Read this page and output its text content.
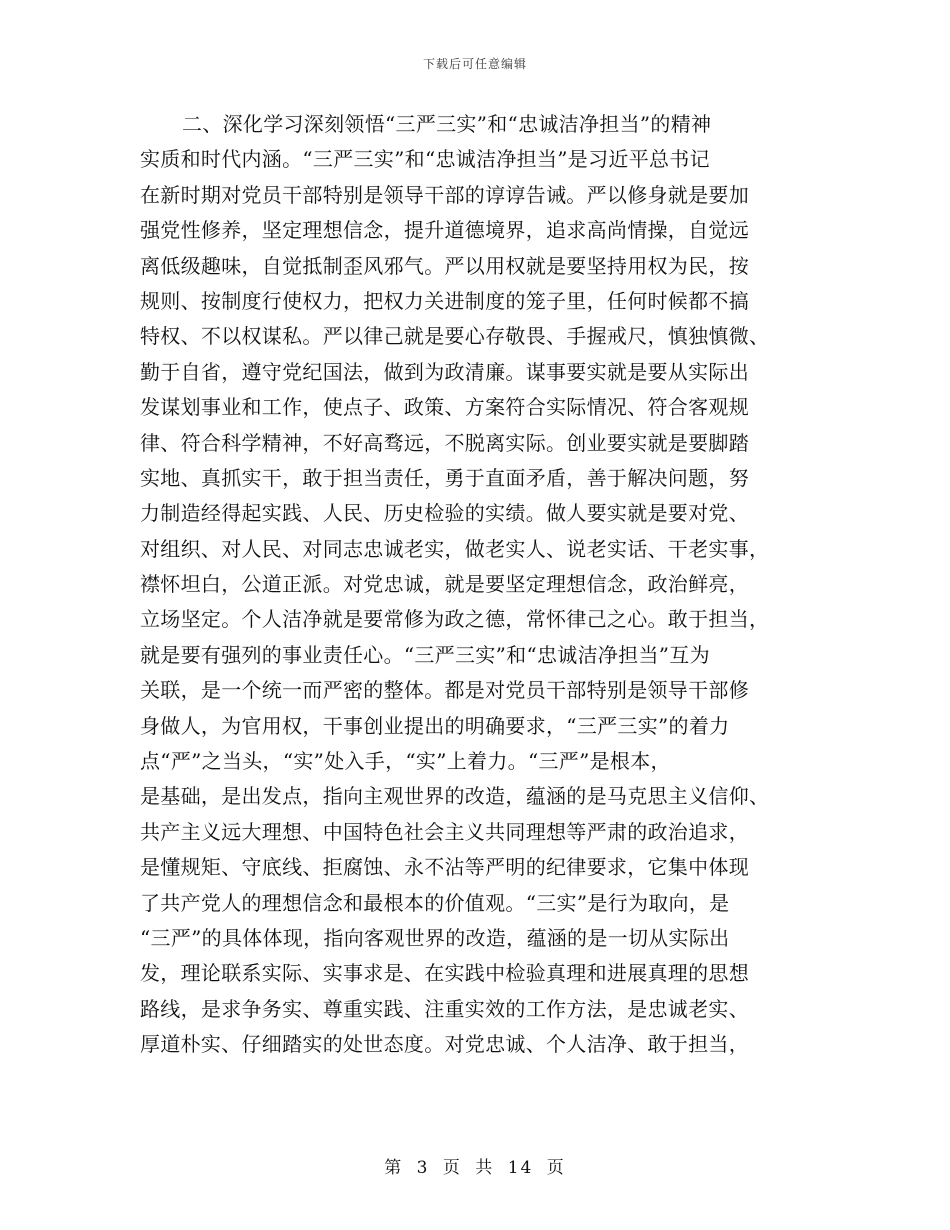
下载后可任意编辑
二、深化学习深刻领悟“三严三实”和“忠诚洁净担当”的精神
实质和时代内涵。“三严三实”和“忠诚洁净担当”是习近平总书记
在新时期对党员干部特别是领导干部的谆谆告诫。严以修身就是要加
强党性修养，坚定理想信念，提升道德境界，追求高尚情操，自觉远
离低级趣味，自觉抵制歪风邪气。严以用权就是要坚持用权为民，按
规则、按制度行使权力，把权力关进制度的笼子里，任何时候都不搞
特权、不以权谋私。严以律己就是要心存敬畏、手握戒尺，慎独慎微、
勤于自省，遵守党纪国法，做到为政清廉。谋事要实就是要从实际出
发谋划事业和工作，使点子、政策、方案符合实际情况、符合客观规
律、符合科学精神，不好高骛远，不脱离实际。创业要实就是要脚踏
实地、真抓实干，敢于担当责任，勇于直面矛盾，善于解决问题，努
力制造经得起实践、人民、历史检验的实绩。做人要实就是要对党、
对组织、对人民、对同志忠诚老实，做老实人、说老实话、干老实事，
襟怀坦白，公道正派。对党忠诚，就是要坚定理想信念，政治鲜亮，
立场坚定。个人洁净就是要常修为政之德，常怀律己之心。敢于担当，
就是要有强列的事业责任心。“三严三实”和“忠诚洁净担当”互为
关联，是一个统一而严密的整体。都是对党员干部特别是领导干部修
身做人，为官用权，干事创业提出的明确要求，“三严三实”的着力
点“严”之当头，“实”处入手，“实”上着力。“三严”是根本，
是基础，是出发点，指向主观世界的改造，蕴涵的是马克思主义信仰、
共产主义远大理想、中国特色社会主义共同理想等严肃的政治追求，
是懂规矩、守底线、拒腐蚀、永不沾等严明的纪律要求，它集中体现
了共产党人的理想信念和最根本的价值观。“三实”是行为取向，是
“三严”的具体体现，指向客观世界的改造，蕴涵的是一切从实际出
发，理论联系实际、实事求是、在实践中检验真理和进展真理的思想
路线，是求争务实、尊重实践、注重实效的工作方法，是忠诚老实、
厚道朴实、仔细踏实的处世态度。对党忠诚、个人洁净、敢于担当，
第 3 页 共 14 页
